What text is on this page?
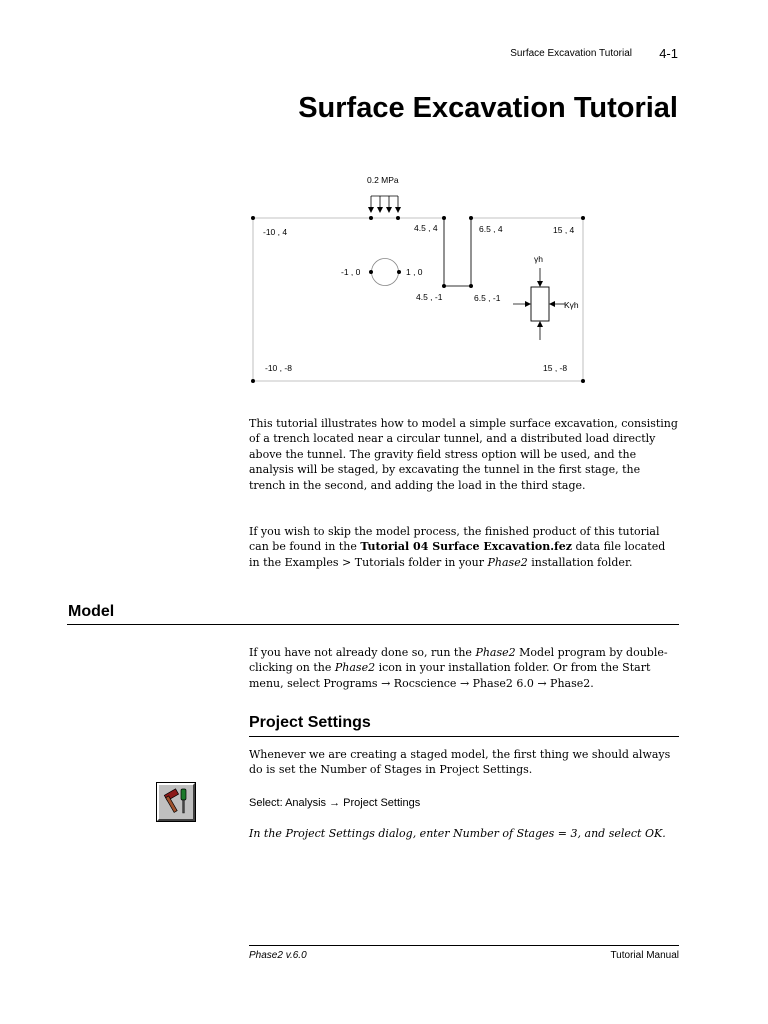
Surface Excavation Tutorial	4-1
Surface Excavation Tutorial
0.2 MPa
-10 , 4	4.5 , 4	6.5 , 4	15 , 4
-1 , 0	1 , 0
4.5 , -1	6.5 , -1
-10 , -8	15 , -8
γh
Kγh
This tutorial illustrates how to model a simple surface excavation, consisting of a trench located near a circular tunnel, and a distributed load directly above the tunnel. The gravity field stress option will be used, and the analysis will be staged, by excavating the tunnel in the first stage, the trench in the second, and adding the load in the third stage.
If you wish to skip the model process, the finished product of this tutorial can be found in the Tutorial 04 Surface Excavation.fez data file located in the Examples > Tutorials folder in your Phase2 installation folder.
Model
If you have not already done so, run the Phase2 Model program by double-clicking on the Phase2 icon in your installation folder. Or from the Start menu, select Programs → Rocscience → Phase2 6.0 → Phase2.
Project Settings
Whenever we are creating a staged model, the first thing we should always do is set the Number of Stages in Project Settings.
Select: Analysis → Project Settings
In the Project Settings dialog, enter Number of Stages = 3, and select OK.
Phase2 v.6.0	Tutorial Manual
